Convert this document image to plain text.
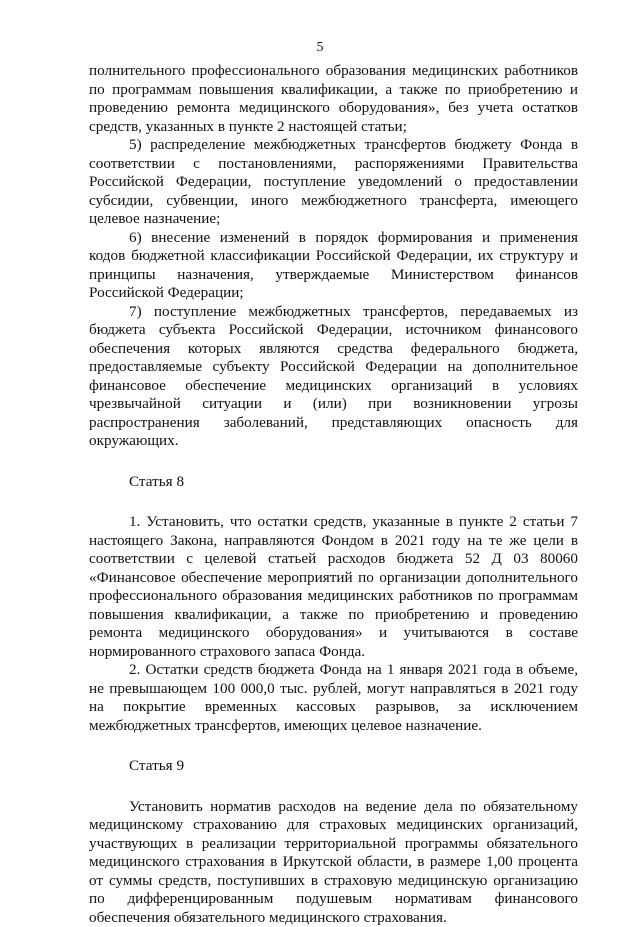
5

полнительного профессионального образования медицинских работников по программам повышения квалификации, а также по приобретению и проведению ремонта медицинского оборудования», без учета остатков средств, указанных в пункте 2 настоящей статьи;

5) распределение межбюджетных трансфертов бюджету Фонда в соответствии с постановлениями, распоряжениями Правительства Российской Федерации, поступление уведомлений о предоставлении субсидии, субвенции, иного межбюджетного трансферта, имеющего целевое назначение;

6) внесение изменений в порядок формирования и применения кодов бюджетной классификации Российской Федерации, их структуру и принципы назначения, утверждаемые Министерством финансов Российской Федерации;

7) поступление межбюджетных трансфертов, передаваемых из бюджета субъекта Российской Федерации, источником финансового обеспечения которых являются средства федерального бюджета, предоставляемые субъекту Российской Федерации на дополнительное финансовое обеспечение медицинских организаций в условиях чрезвычайной ситуации и (или) при возникновении угрозы распространения заболеваний, представляющих опасность для окружающих.

Статья 8

1. Установить, что остатки средств, указанные в пункте 2 статьи 7 настоящего Закона, направляются Фондом в 2021 году на те же цели в соответствии с целевой статьей расходов бюджета 52 Д 03 80060 «Финансовое обеспечение мероприятий по организации дополнительного профессионального образования медицинских работников по программам повышения квалификации, а также по приобретению и проведению ремонта медицинского оборудования» и учитываются в составе нормированного страхового запаса Фонда.

2. Остатки средств бюджета Фонда на 1 января 2021 года в объеме, не превышающем 100 000,0 тыс. рублей, могут направляться в 2021 году на покрытие временных кассовых разрывов, за исключением межбюджетных трансфертов, имеющих целевое назначение.

Статья 9

Установить норматив расходов на ведение дела по обязательному медицинскому страхованию для страховых медицинских организаций, участвующих в реализации территориальной программы обязательного медицинского страхования в Иркутской области, в размере 1,00 процента от суммы средств, поступивших в страховую медицинскую организацию по дифференцированным подушевым нормативам финансового обеспечения обязательного медицинского страхования.
